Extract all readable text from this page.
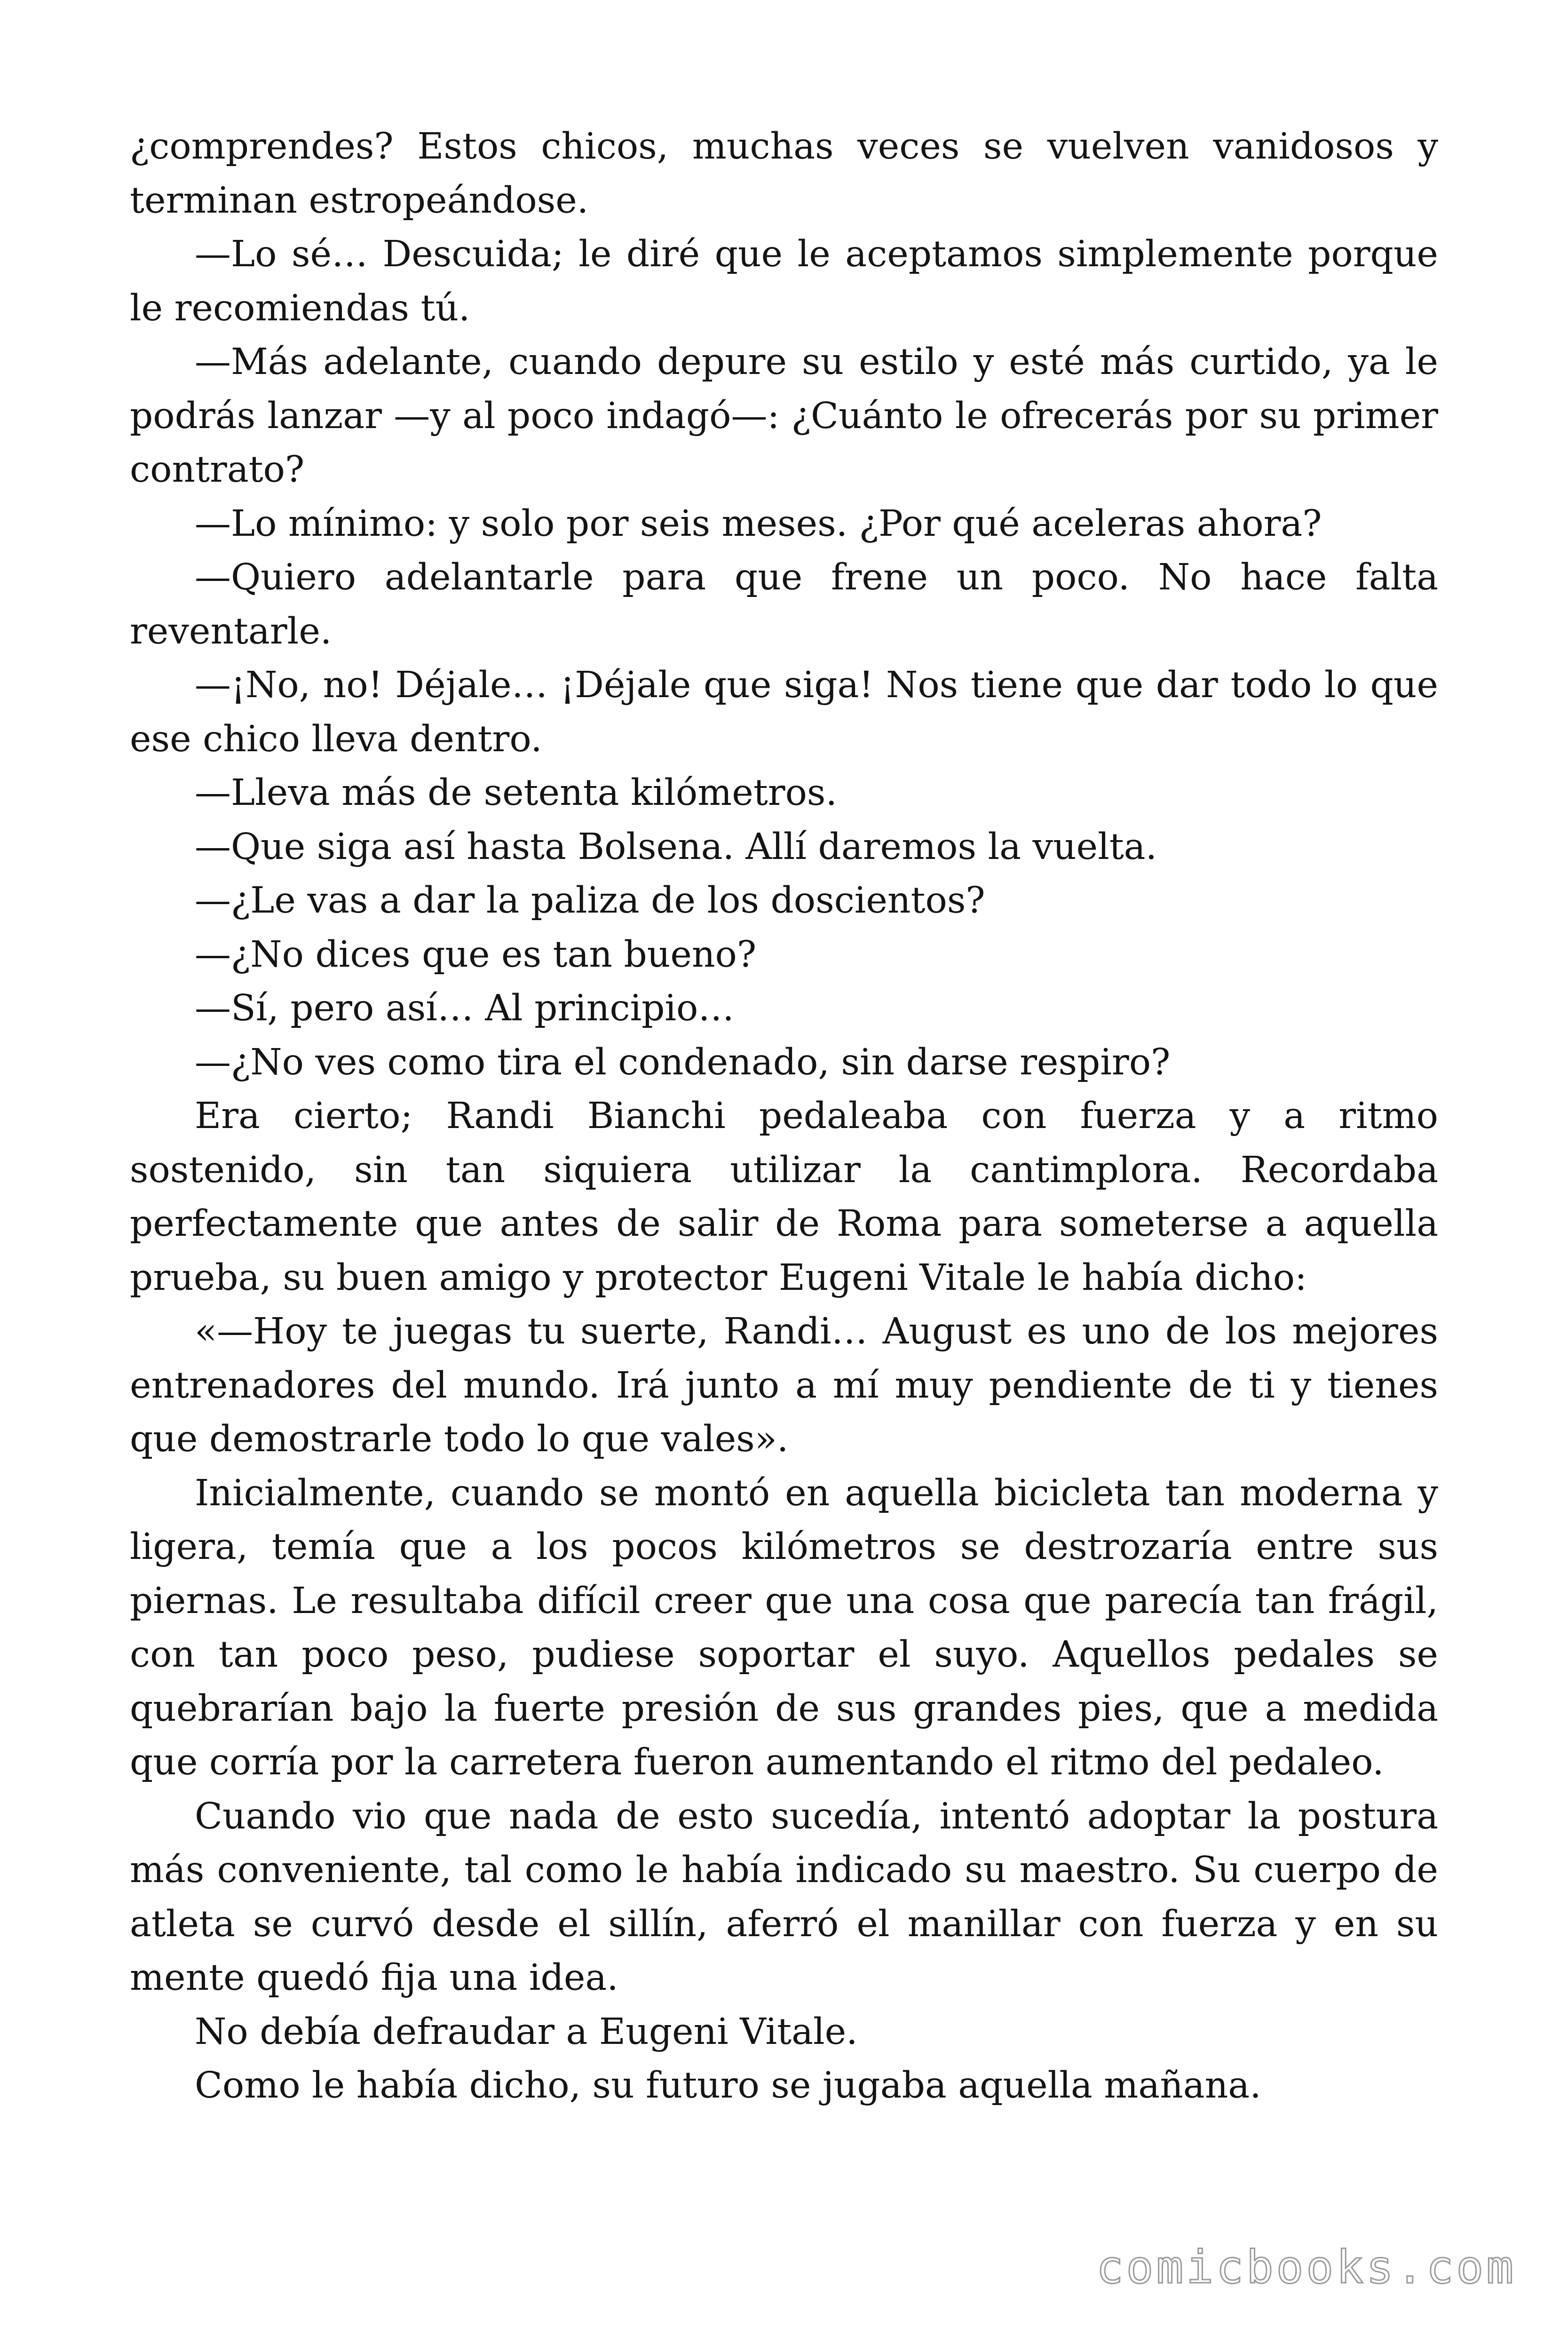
¿comprendes? Estos chicos, muchas veces se vuelven vanidosos y terminan estropeándose.

—Lo sé… Descuida; le diré que le aceptamos simplemente porque le recomiendas tú.

—Más adelante, cuando depure su estilo y esté más curtido, ya le podrás lanzar —y al poco indagó—: ¿Cuánto le ofrecerás por su primer contrato?

—Lo mínimo: y solo por seis meses. ¿Por qué aceleras ahora?

—Quiero adelantarle para que frene un poco. No hace falta reventarle.

—¡No, no! Déjale… ¡Déjale que siga! Nos tiene que dar todo lo que ese chico lleva dentro.

—Lleva más de setenta kilómetros.

—Que siga así hasta Bolsena. Allí daremos la vuelta.

—¿Le vas a dar la paliza de los doscientos?

—¿No dices que es tan bueno?

—Sí, pero así… Al principio…

—¿No ves como tira el condenado, sin darse respiro?

Era cierto; Randi Bianchi pedaleaba con fuerza y a ritmo sostenido, sin tan siquiera utilizar la cantimplora. Recordaba perfectamente que antes de salir de Roma para someterse a aquella prueba, su buen amigo y protector Eugeni Vitale le había dicho:

«—Hoy te juegas tu suerte, Randi… August es uno de los mejores entrenadores del mundo. Irá junto a mí muy pendiente de ti y tienes que demostrarle todo lo que vales».

Inicialmente, cuando se montó en aquella bicicleta tan moderna y ligera, temía que a los pocos kilómetros se destrozaría entre sus piernas. Le resultaba difícil creer que una cosa que parecía tan frágil, con tan poco peso, pudiese soportar el suyo. Aquellos pedales se quebrarían bajo la fuerte presión de sus grandes pies, que a medida que corría por la carretera fueron aumentando el ritmo del pedaleo.

Cuando vio que nada de esto sucedía, intentó adoptar la postura más conveniente, tal como le había indicado su maestro. Su cuerpo de atleta se curvó desde el sillín, aferró el manillar con fuerza y en su mente quedó fija una idea.

No debía defraudar a Eugeni Vitale.

Como le había dicho, su futuro se jugaba aquella mañana.

comicbooks.com
